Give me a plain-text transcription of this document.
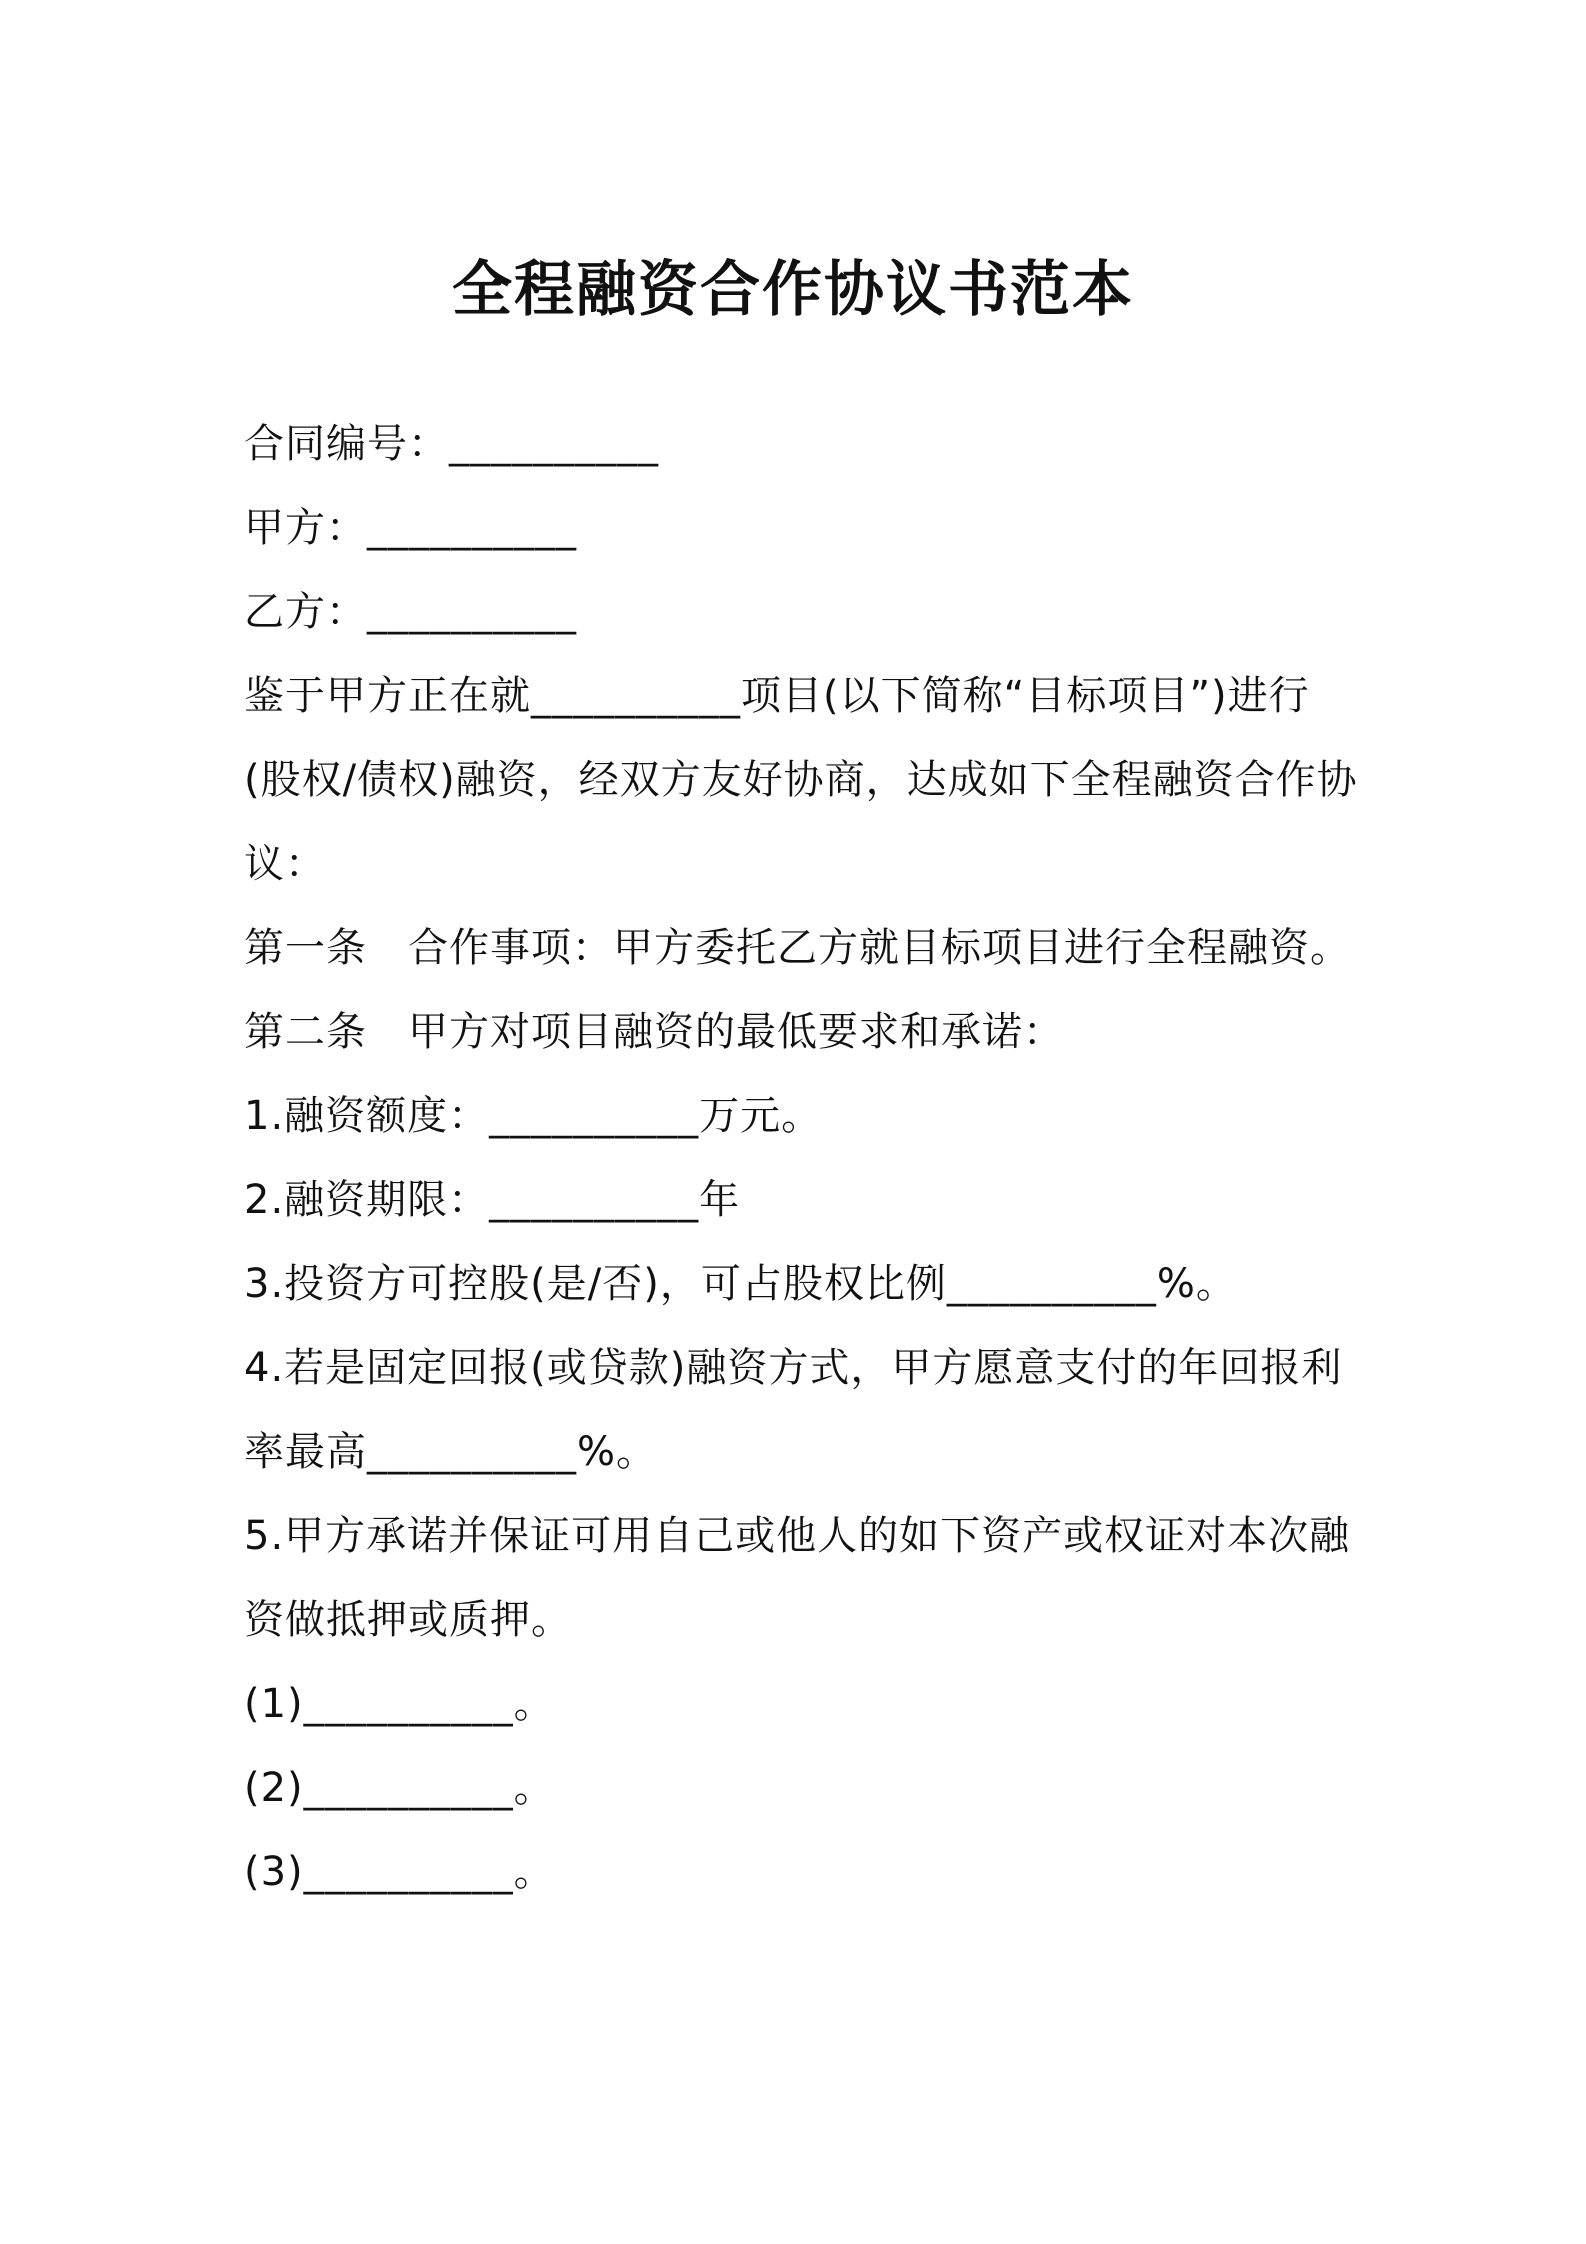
全程融资合作协议书范本

合同编号：__________

甲方：__________

乙方：__________

鉴于甲方正在就__________项目(以下简称“目标项目”)进行(股权/债权)融资，经双方友好协商，达成如下全程融资合作协议：

第一条　合作事项：甲方委托乙方就目标项目进行全程融资。

第二条　甲方对项目融资的最低要求和承诺：

1.融资额度：__________万元。

2.融资期限：__________年

3.投资方可控股(是/否)，可占股权比例__________%。

4.若是固定回报(或贷款)融资方式，甲方愿意支付的年回报利率最高__________%。

5.甲方承诺并保证可用自己或他人的如下资产或权证对本次融资做抵押或质押。

(1)__________。

(2)__________。

(3)__________。
